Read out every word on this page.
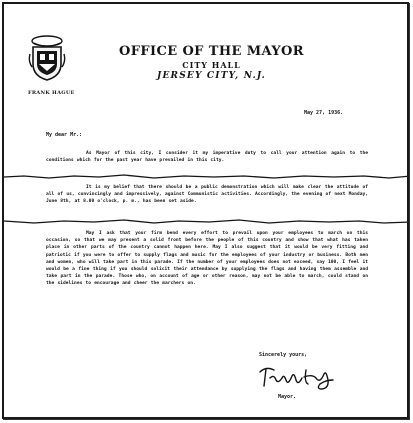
FRANK HAGUE
OFFICE OF THE MAYOR
CITY HALL
JERSEY CITY, N.J.
May 27, 1936.
My dear Mr.:
As Mayor of this city, I consider it my imperative duty to call your attention again to the conditions which for the past year have prevailed in this city.
It is my belief that there should be a public demonstration which will make clear the attitude of all of us, convincingly and impressively, against Communistic activities. Accordingly, the evening of next Monday, June 8th, at 8.00 o'clock, p. m., has been set aside.
May I ask that your firm bend every effort to prevail upon your employees to march on this occasion, so that we may present a solid front before the people of this country and show that what has taken place in other parts of the country cannot happen here. May I also suggest that it would be very fitting and patriotic if you were to offer to supply flags and music for the employees of your industry or business. Both men and women, who will take part in this parade. If the number of your employees does not exceed, say 100, I feel it would be a fine thing if you should solicit their attendance by supplying the flags and having them assemble and take part in the parade. Those who, on account of age or other reason, may not be able to march, could stand on the sidelines to encourage and cheer the marchers on.
Sincerely yours,
Mayor.
